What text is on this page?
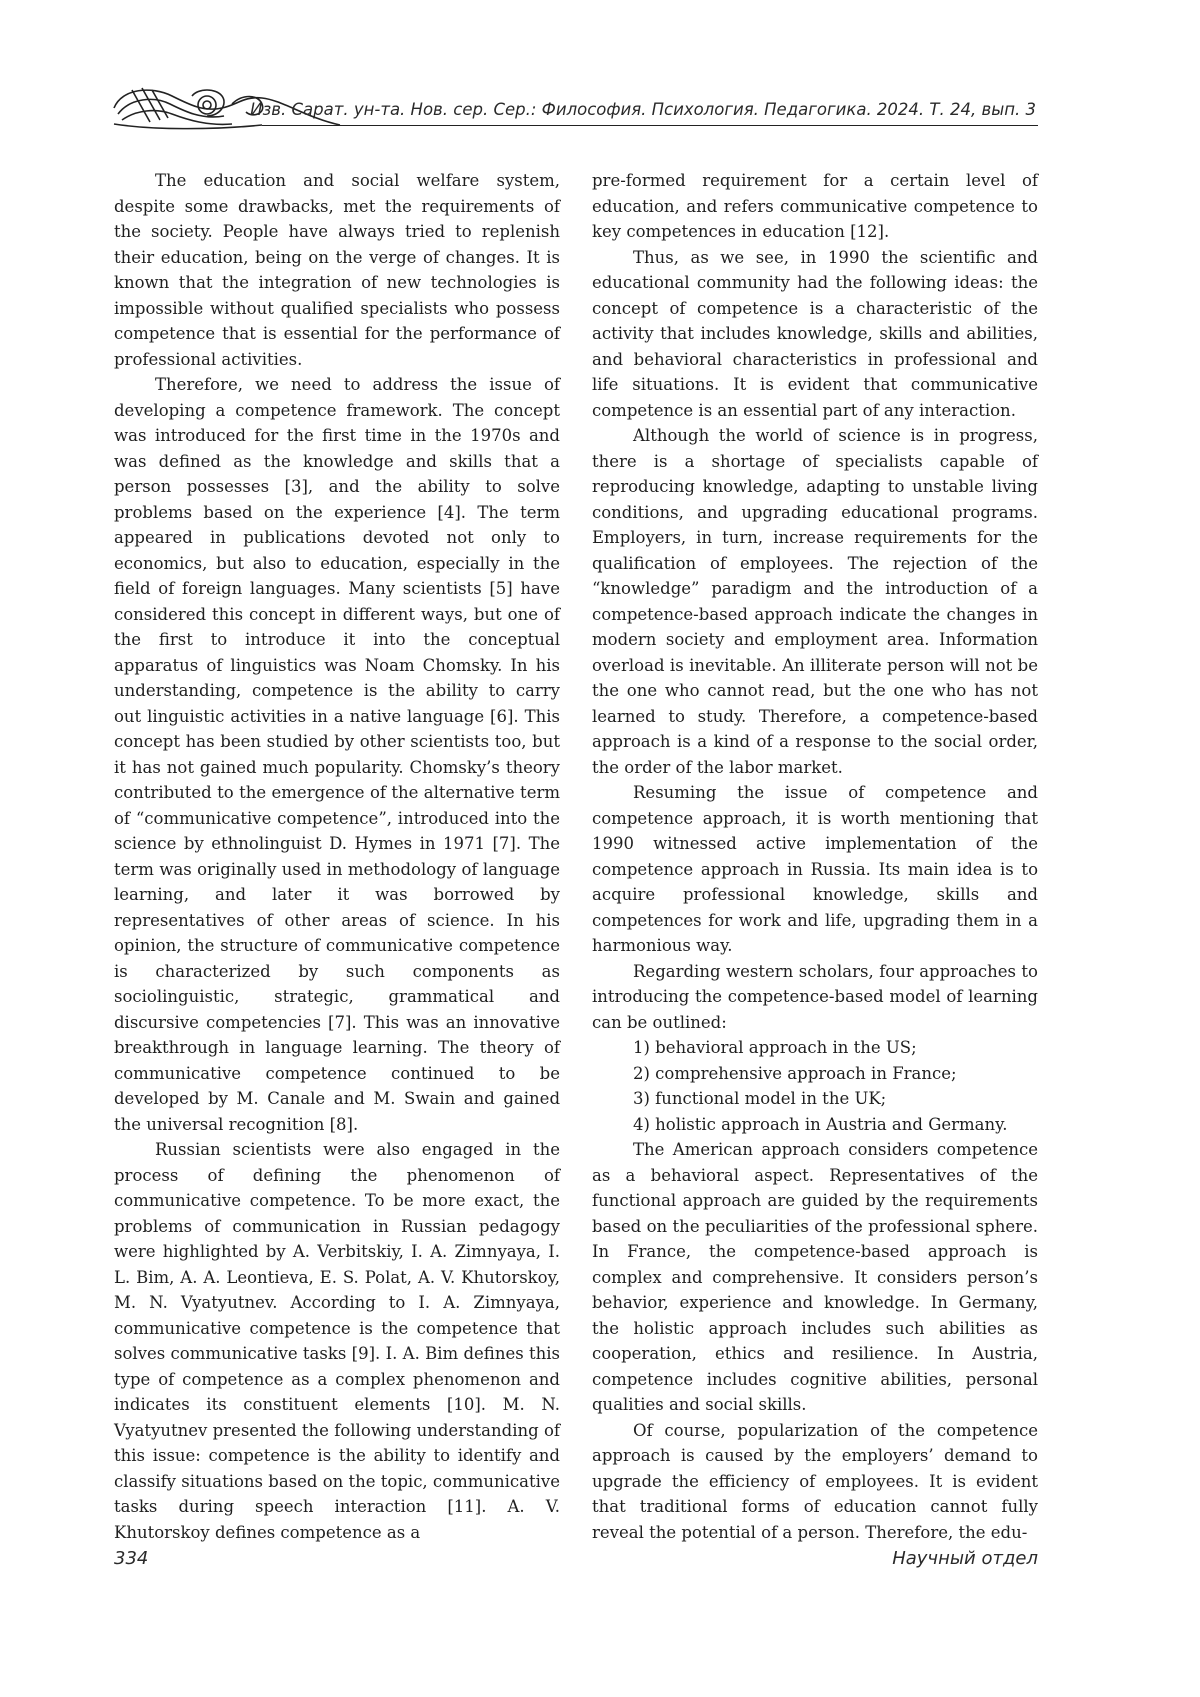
Изв. Сарат. ун-та. Нов. сер. Сер.: Философия. Психология. Педагогика. 2024. Т. 24, вып. 3

The education and social welfare system, despite some drawbacks, met the requirements of the society. People have always tried to replenish their education, being on the verge of changes. It is known that the integration of new technologies is impossible without qualified specialists who possess competence that is essential for the performance of professional activities.

Therefore, we need to address the issue of developing a competence framework. The concept was introduced for the first time in the 1970s and was defined as the knowledge and skills that a person possesses [3], and the ability to solve problems based on the experience [4]. The term appeared in publications devoted not only to economics, but also to education, especially in the field of foreign languages. Many scientists [5] have considered this concept in different ways, but one of the first to introduce it into the conceptual apparatus of linguistics was Noam Chomsky. In his understanding, competence is the ability to carry out linguistic activities in a native language [6]. This concept has been studied by other scientists too, but it has not gained much popularity. Chomsky’s theory contributed to the emergence of the alternative term of “communicative competence”, introduced into the science by ethnolinguist D. Hymes in 1971 [7]. The term was originally used in methodology of language learning, and later it was borrowed by representatives of other areas of science. In his opinion, the structure of communicative competence is characterized by such components as sociolinguistic, strategic, grammatical and discursive competencies [7]. This was an innovative breakthrough in language learning. The theory of communicative competence continued to be developed by M. Canale and M. Swain and gained the universal recognition [8].

Russian scientists were also engaged in the process of defining the phenomenon of communicative competence. To be more exact, the problems of communication in Russian pedagogy were highlighted by A. Verbitskiy, I. A. Zimnyaya, I. L. Bim, A. A. Leontieva, E. S. Polat, A. V. Khutorskoy, M. N. Vyatyutnev. According to I. A. Zimnyaya, communicative competence is the competence that solves communicative tasks [9]. I. A. Bim defines this type of competence as a complex phenomenon and indicates its constituent elements [10]. M. N. Vyatyutnev presented the following understanding of this issue: competence is the ability to identify and classify situations based on the topic, communicative tasks during speech interaction [11]. A. V. Khutorskoy defines competence as a

pre-formed requirement for a certain level of education, and refers communicative competence to key competences in education [12].

Thus, as we see, in 1990 the scientific and educational community had the following ideas: the concept of competence is a characteristic of the activity that includes knowledge, skills and abilities, and behavioral characteristics in professional and life situations. It is evident that communicative competence is an essential part of any interaction.

Although the world of science is in progress, there is a shortage of specialists capable of reproducing knowledge, adapting to unstable living conditions, and upgrading educational programs. Employers, in turn, increase requirements for the qualification of employees. The rejection of the “knowledge” paradigm and the introduction of a competence-based approach indicate the changes in modern society and employment area. Information overload is inevitable. An illiterate person will not be the one who cannot read, but the one who has not learned to study. Therefore, a competence-based approach is a kind of a response to the social order, the order of the labor market.

Resuming the issue of competence and competence approach, it is worth mentioning that 1990 witnessed active implementation of the competence approach in Russia. Its main idea is to acquire professional knowledge, skills and competences for work and life, upgrading them in a harmonious way.

Regarding western scholars, four approaches to introducing the competence-based model of learning can be outlined:

1) behavioral approach in the US;

2) comprehensive approach in France;

3) functional model in the UK;

4) holistic approach in Austria and Germany.

The American approach considers competence as a behavioral aspect. Representatives of the functional approach are guided by the requirements based on the peculiarities of the professional sphere. In France, the competence-based approach is complex and comprehensive. It considers person’s behavior, experience and knowledge. In Germany, the holistic approach includes such abilities as cooperation, ethics and resilience. In Austria, competence includes cognitive abilities, personal qualities and social skills.

Of course, popularization of the competence approach is caused by the employers’ demand to upgrade the efficiency of employees. It is evident that traditional forms of education cannot fully reveal the potential of a person. Therefore, the edu-

334	Научный отдел
